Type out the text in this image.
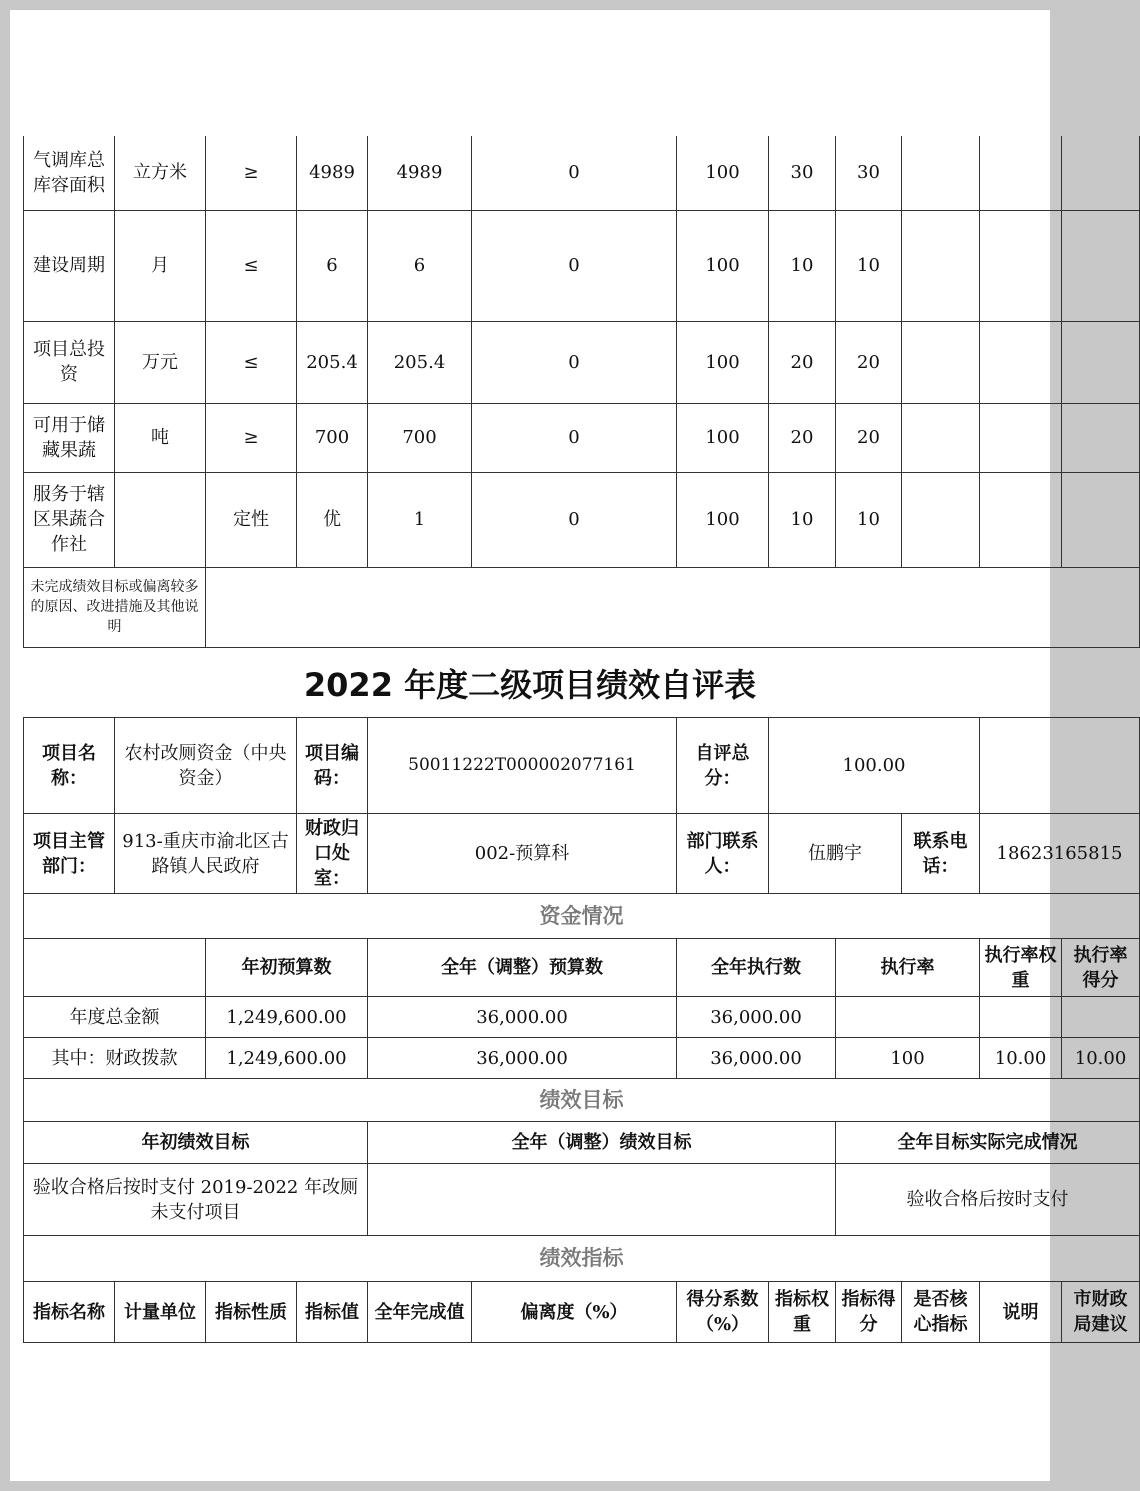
气调库总库容面积	立方米	≥	4989	4989	0	100	30	30			
建设周期	月	≤	6	6	0	100	10	10			
项目总投资	万元	≤	205.4	205.4	0	100	20	20			
可用于储藏果蔬	吨	≥	700	700	0	100	20	20			
服务于辖区果蔬合作社		定性	优	1	0	100	10	10			
未完成绩效目标或偏离较多的原因、改进措施及其他说明											
2022 年度二级项目绩效自评表
项目名称：	农村改厕资金（中央资金）		项目编码：	50011222T000002077161		自评总分：	100.00				
项目主管部门：	913-重庆市渝北区古路镇人民政府		财政归口处室：	002-预算科		部门联系人：	伍鹏宇		联系电话：	18623165815	
资金情况											
		年初预算数		全年（调整）预算数		全年执行数		执行率		执行率权重	执行率得分
年度总金额		1,249,600.00		36,000.00		36,000.00					
其中：财政拨款		1,249,600.00		36,000.00		36,000.00		100		10.00	10.00
绩效目标											
年初绩效目标				全年（调整）绩效目标				全年目标实际完成情况			
验收合格后按时支付 2019-2022 年改厕未支付项目								验收合格后按时支付			
绩效指标											
指标名称	计量单位	指标性质	指标值	全年完成值	偏离度（%）	得分系数（%）	指标权重	指标得分	是否核心指标	说明	市财政局建议
